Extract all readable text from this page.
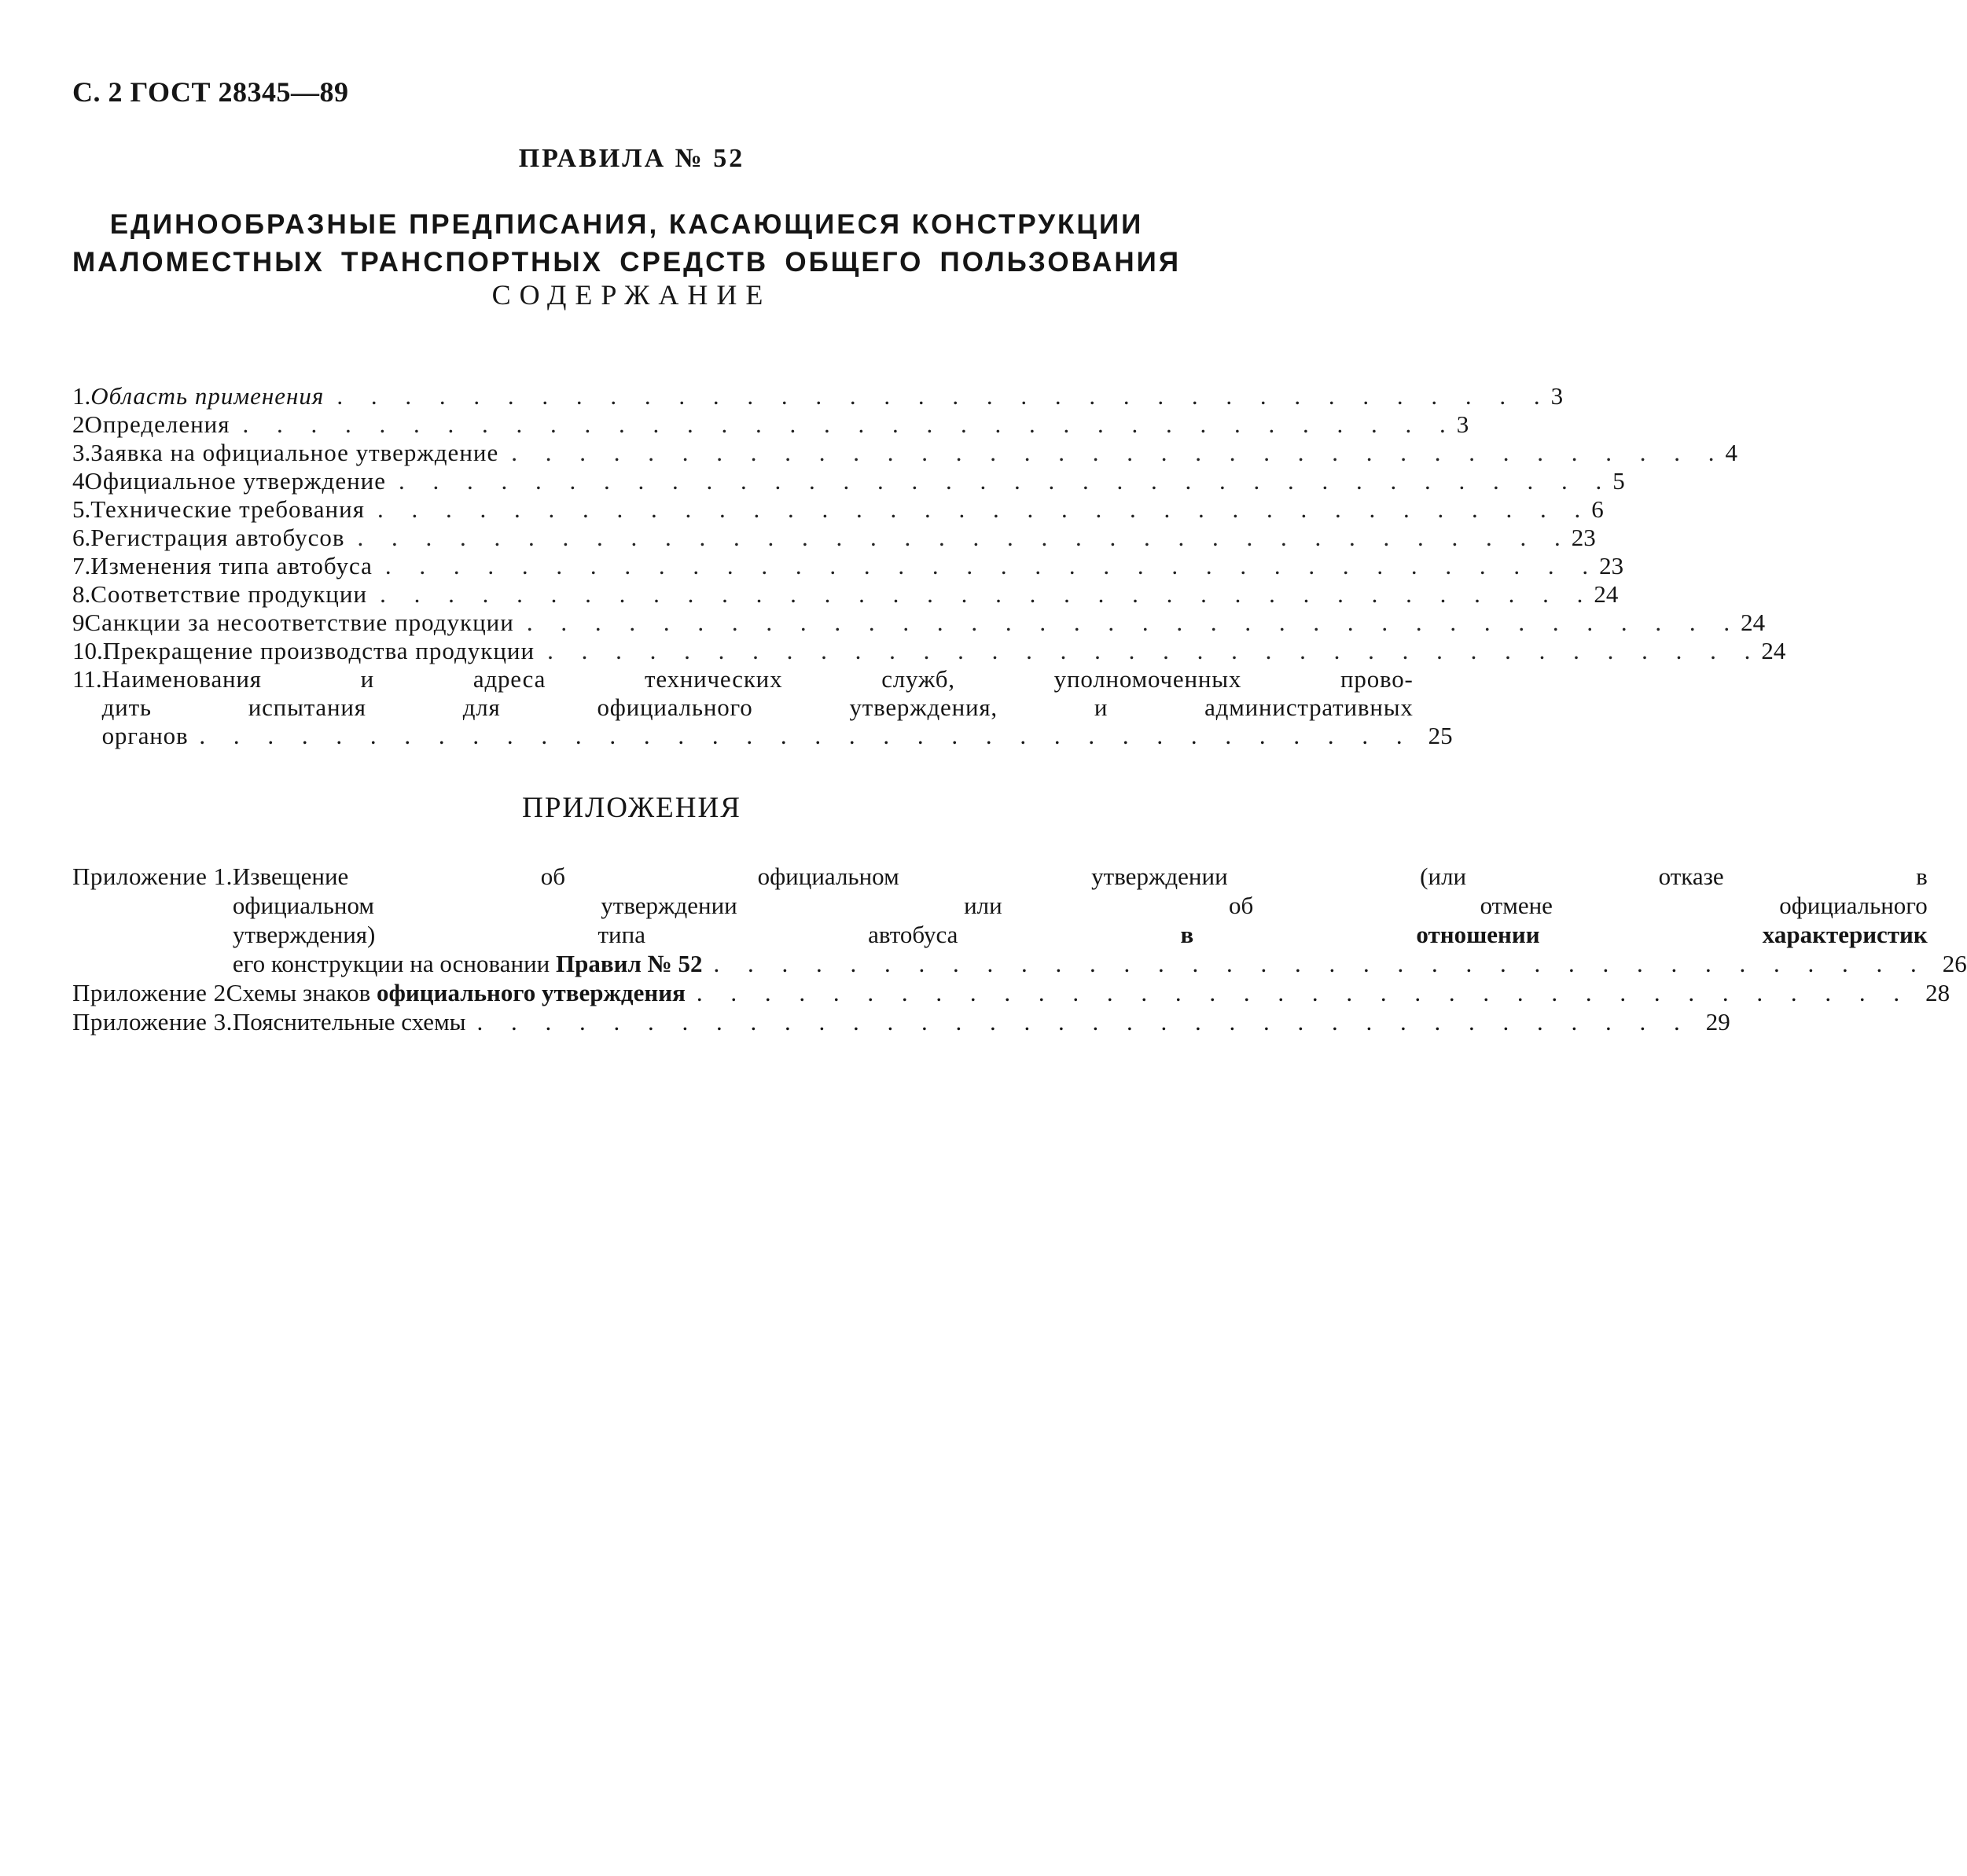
С. 2 ГОСТ 28345—89
ПРАВИЛА № 52
ЕДИНООБРАЗНЫЕ ПРЕДПИСАНИЯ, КАСАЮЩИЕСЯ КОНСТРУКЦИИ
МАЛОМЕСТНЫХ ТРАНСПОРТНЫХ СРЕДСТВ ОБЩЕГО ПОЛЬЗОВАНИЯ
СОДЕРЖАНИЕ
1. Область применения . . .	3
2 Определения . . .	3
3. Заявка на официальное утверждение . . .	4
4 Официальное утверждение . . .	5
5. Технические требования . . .	6
6. Регистрация автобусов . . .	23
7. Изменения типа автобуса . . .	23
8. Соответствие продукции . . .	24
9 Санкции за несоответствие продукции . . .	24
10. Прекращение производства продукции . . .	24
11. Наименования и адреса технических служб, уполномоченных прово-
дить испытания для официального утверждения, и административных
органов . . .	25
ПРИЛОЖЕНИЯ
Приложение 1. Извещение об официальном утверждении (или отказе в
официальном утверждении или об отмене официального
утверждения) типа автобуса	в отношении характеристик
его конструкции на основании Правил № 52 . . .	26
Приложение 2 Схемы знаков официального утверждения . . .	28
Приложение 3. Пояснительные схемы . . .	29
